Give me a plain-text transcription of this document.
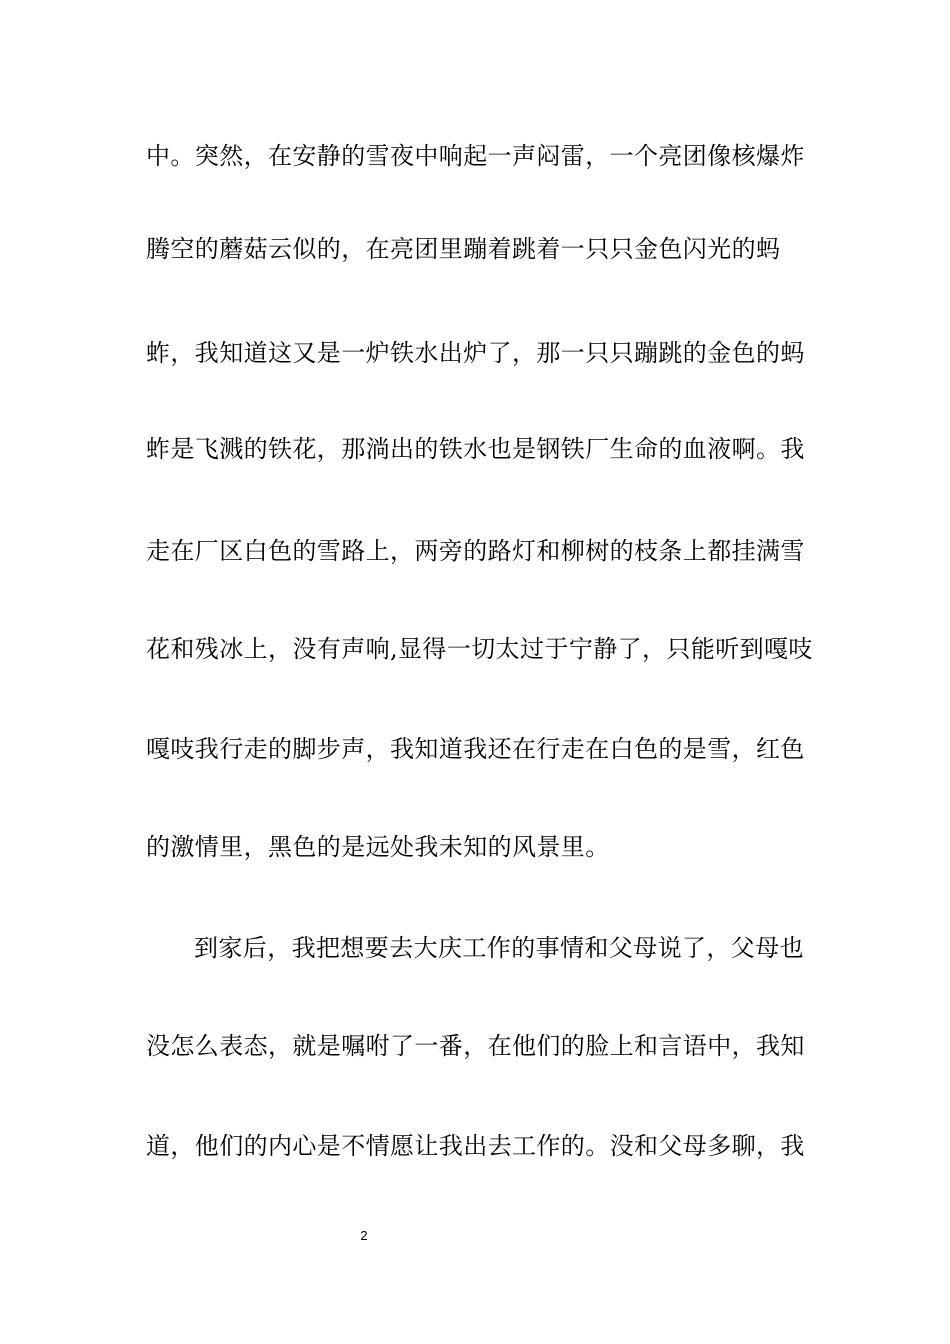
中。突然，在安静的雪夜中响起一声闷雷，一个亮团像核爆炸
腾空的蘑菇云似的，在亮团里蹦着跳着一只只金色闪光的蚂
蚱，我知道这又是一炉铁水出炉了，那一只只蹦跳的金色的蚂
蚱是飞溅的铁花，那淌出的铁水也是钢铁厂生命的血液啊。我
走在厂区白色的雪路上，两旁的路灯和柳树的枝条上都挂满雪
花和残冰上，没有声响,显得一切太过于宁静了，只能听到嘎吱
嘎吱我行走的脚步声，我知道我还在行走在白色的是雪，红色
的激情里，黑色的是远处我未知的风景里。
到家后，我把想要去大庆工作的事情和父母说了，父母也
没怎么表态，就是嘱咐了一番，在他们的脸上和言语中，我知
道，他们的内心是不情愿让我出去工作的。没和父母多聊，我
2
